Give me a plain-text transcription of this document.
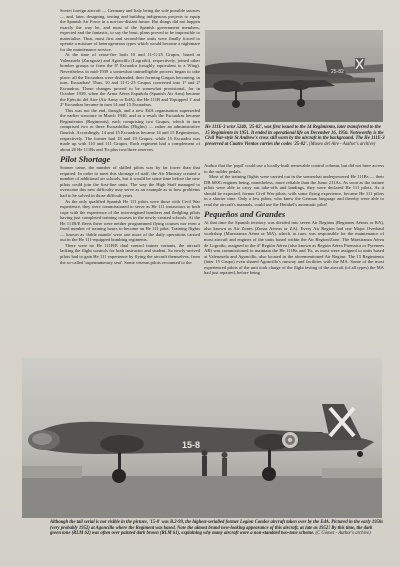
Soviet foreign aircraft — Germany and Italy being the sole possible sources — and, later, designing, testing and building indigenous projects to equip the Spanish Air Force in a not-too-distant future. But things did not happen exactly the way he, and most of the Spanish government members, expected and the fantastic, to say the least, plans proved to be impossible to materialise. Thus, most first and second-line units were finally forced to operate a mixture of heterogeneous types which would become a nightmare for the maintenance service.

At the time of cease-fire both 10 and 11-G-25 Grupos, based at Valenzuela (Zaragoza) and Agoncillo (Logroño), respectively, joined other bomber groups to form the 8ª Escuadra (roughly equivalent to a Wing). Nevertheless in mid-1939 a somewhat unintelligible process began to take place: all the Escuadras were disbanded, their forming Grupos becoming, in turn, Escuadras! Thus, 10 and 11-G-25 Grupos converted into 1ª and 2ª Escuadras. These changes proved to be somewhat provisional, for in October 1939, when the Arma Aérea Española (Spanish Air Arm) became the Ejército del Aire (Air Army or EdA), the He 111B and 'Equipped 1' and 2ª Escuadras became in turn 14 and 15 Escuadras.

This was not the end, though, and a new EdA organisation superseded the earlier structure in March 1940, and as a result the Escuadras became Regimientos (Regiments), each comprising two Grupos, which in turn comprised two or three Escuadrillas (Flights) — rather an administrative flourish. Accordingly, 14 and 15 Escuadras became 14 and 15 Regimientos, respectively. The former had 18 and 19 Grupos, while 15 Escuadra was made up with 110 and 111 Grupos. Each regiment had a complement of about 20 He 111Bs and 'Es plus two/three reserves.

Pilot Shortage

Sooner came, the number of skilled pilots was by far lower than that required. In order to meet this shortage of staff, the Air Ministry created a number of additional air schools, but it would be some time before the new pilots could join the first-line units. The way the High Staff managed to overcome this new difficulty may serve as an example as to how problems had to be solved in those difficult years.

As the only qualified Spanish He 111 pilots were those with Civil War experience, they were commissioned to serve as He 111 instructors to both cope with the experience of the twin-engined bombers and fledgling pilots having just completed training courses in the newly-created schools. At the He 111B/E fleets there were neither programmed flying courses nor even a fixed number of training hours to become an He 111 pilot. Training flights — known as 'doble mando' were one more of the daily operations carried out in the He 111-equipped bombing regiments.

There were no He 111B/E dual control trainer variants, the aircraft lacking the flight controls for both instructor and student. So newly-arrived pilots had to gain He 111 experience by flying the aircraft themselves, from the so-called 'supernumerary seat'. Some veteran pilots recounted to the

25-82
He 111E-3 w/nr 5240, '25-82', was first issued to the 14 Regimiento, later transferred to the 15 Regimiento in 1951. It ended its operational life on December 16, 1956. Noteworthy is the Civil War-style St Andrew's cross still worn by the aircraft in the background. The He 111E-3 preserved at Cuatro Vientos carries the codes '25-82'. (Museo del Aire - Author's archive)

Author that the 'pupil' could use a locally-built removable control column, but did not have access to the rudder pedals.

Most of the training flights were carried out in the somewhat underpowered He 111Bs — their DB 600G engines being, nonetheless, more reliable than the Jumo 211As. As soon as the trainee pilots were able to carry out take-offs and landings, they were declared He 111 pilots. As it should be expected, former Civil War pilots, with some flying experience, became He 111 pilots in a shorter time. Only a few pilots, who knew the German language and thereby were able to read the aircraft's manuals, could use the Heinkel's automatic pilot!

Pequeños and Grandes

At that time the Spanish territory was divided into seven Air Regions (Regiones Aéreas or RA), also known as Air Zones (Zonas Aéreas or ZA). Every Air Region had one Major Overhaul workshop (Maestranza Aérea or MA), which, in turn, was responsible for the maintenance of most aircraft and engines of the units based within the Air Region/Zone. The Maestranza Aérea de Logroño, assigned to the 4ª Región Aérea (also known as Región Aérea Pirenaica or Pyrenees AR) was commissioned to maintain the He 111Bs and 'Es, as most were assigned to units based at Valenzuela and Agoncillo, also located in the aforementioned Air Region. The 15 Regimiento (later 15 Grupo) even shared Agoncillo's runway and facilities with the MA. Some of the most experienced pilots of the unit took charge of the flight testing of the aircraft (of all types) the MA had just repaired, before being

15-8
Although the tail serial is not visible in the picture, '15-8' was B.2-99, the highest-serialled former Legion Condor aircraft taken over by the EdA. Pictured in the early 1950s (very probably 1952) at Agoncillo where the Regiment was based. Note the almost brand new-looking appearance of this aircraft, as late as 1952! By this time, the dark green tone (RLM 62) was often over painted dark brown (RLM 61), explaining why many aircraft wore a non-standard two-tone scheme. (C Gómez - Author's archive)
